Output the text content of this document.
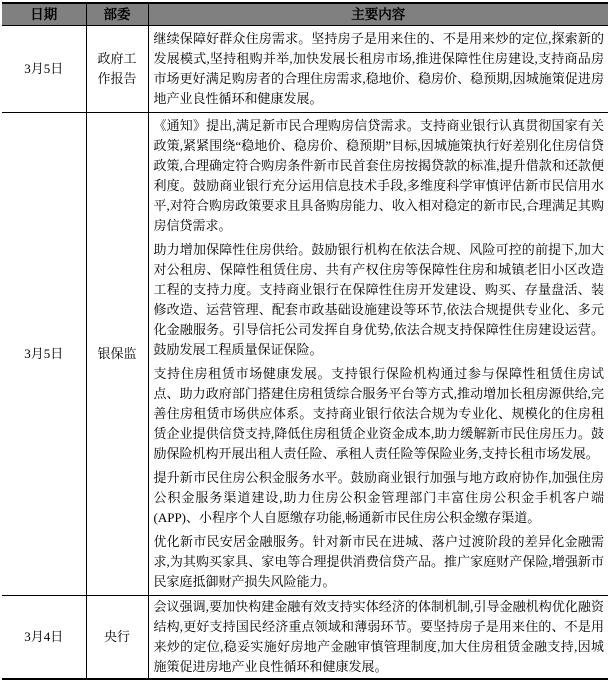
日期	部委	主要内容
3月5日	政府工作报告	继续保障好群众住房需求。坚持房子是用来住的、不是用来炒的定位,探索新的发展模式,坚持租购并举,加快发展长租房市场,推进保障性住房建设,支持商品房市场更好满足购房者的合理住房需求,稳地价、稳房价、稳预期,因城施策促进房地产业良性循环和健康发展。

3月5日	银保监	《通知》提出,满足新市民合理购房信贷需求。支持商业银行认真贯彻国家有关政策,紧紧围绕“稳地价、稳房价、稳预期”目标,因城施策执行好差别化住房信贷政策,合理确定符合购房条件新市民首套住房按揭贷款的标准,提升借款和还款便利度。鼓励商业银行充分运用信息技术手段,多维度科学审慎评估新市民信用水平,对符合购房政策要求且具备购房能力、收入相对稳定的新市民,合理满足其购房信贷需求。

助力增加保障性住房供给。鼓励银行机构在依法合规、风险可控的前提下,加大对公租房、保障性租赁住房、共有产权住房等保障性住房和城镇老旧小区改造工程的支持力度。支持商业银行在保障性住房开发建设、购买、存量盘活、装修改造、运营管理、配套市政基础设施建设等环节,依法合规提供专业化、多元化金融服务。引导信托公司发挥自身优势,依法合规支持保障性住房建设运营。鼓励发展工程质量保证保险。

支持住房租赁市场健康发展。支持银行保险机构通过参与保障性租赁住房试点、助力政府部门搭建住房租赁综合服务平台等方式,推动增加长租房源供给,完善住房租赁市场供应体系。支持商业银行依法合规为专业化、规模化的住房租赁企业提供信贷支持,降低住房租赁企业资金成本,助力缓解新市民住房压力。鼓励保险机构开展出租人责任险、承租人责任险等保险业务,支持长租市场发展。

提升新市民住房公积金服务水平。鼓励商业银行加强与地方政府协作,加强住房公积金服务渠道建设,助力住房公积金管理部门丰富住房公积金手机客户端(APP)、小程序个人自愿缴存功能,畅通新市民住房公积金缴存渠道。

优化新市民安居金融服务。针对新市民在进城、落户过渡阶段的差异化金融需求,为其购买家具、家电等合理提供消费信贷产品。推广家庭财产保险,增强新市民家庭抵御财产损失风险能力。

3月4日	央行	会议强调,要加快构建金融有效支持实体经济的体制机制,引导金融机构优化融资结构,更好支持国民经济重点领域和薄弱环节。要坚持房子是用来住的、不是用来炒的定位,稳妥实施好房地产金融审慎管理制度,加大住房租赁金融支持,因城施策促进房地产业良性循环和健康发展。
